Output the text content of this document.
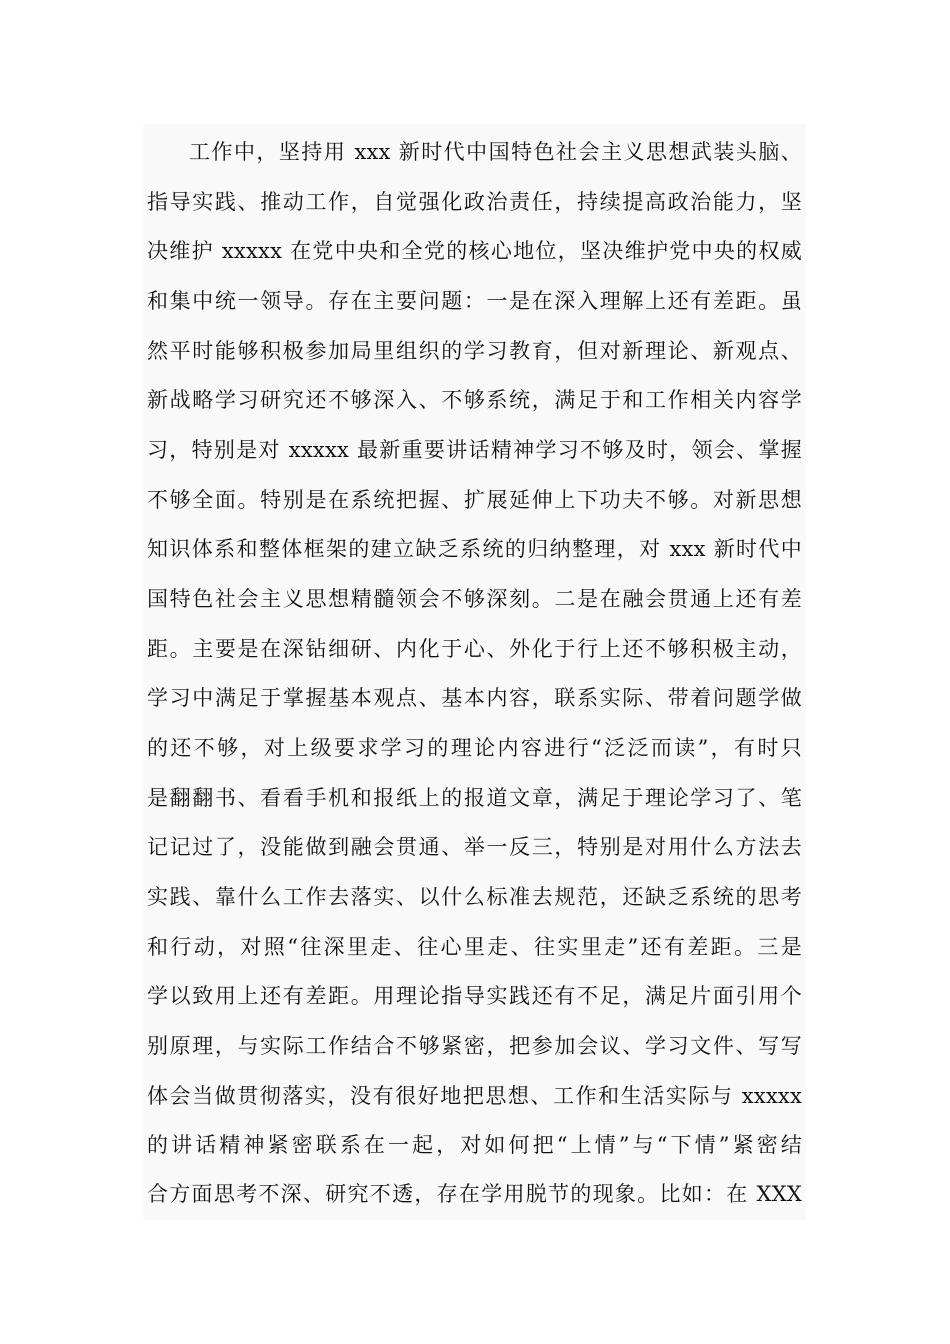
工作中，坚持用 xxx 新时代中国特色社会主义思想武装头脑、
指导实践、推动工作，自觉强化政治责任，持续提高政治能力，坚
决维护 xxxxx 在党中央和全党的核心地位，坚决维护党中央的权威
和集中统一领导。存在主要问题：一是在深入理解上还有差距。虽
然平时能够积极参加局里组织的学习教育，但对新理论、新观点、
新战略学习研究还不够深入、不够系统，满足于和工作相关内容学
习，特别是对 xxxxx 最新重要讲话精神学习不够及时，领会、掌握
不够全面。特别是在系统把握、扩展延伸上下功夫不够。对新思想
知识体系和整体框架的建立缺乏系统的归纳整理，对 xxx 新时代中
国特色社会主义思想精髓领会不够深刻。二是在融会贯通上还有差
距。主要是在深钻细研、内化于心、外化于行上还不够积极主动，
学习中满足于掌握基本观点、基本内容，联系实际、带着问题学做
的还不够，对上级要求学习的理论内容进行“泛泛而读”，有时只
是翻翻书、看看手机和报纸上的报道文章，满足于理论学习了、笔
记记过了，没能做到融会贯通、举一反三，特别是对用什么方法去
实践、靠什么工作去落实、以什么标准去规范，还缺乏系统的思考
和行动，对照“往深里走、往心里走、往实里走”还有差距。三是
学以致用上还有差距。用理论指导实践还有不足，满足片面引用个
别原理，与实际工作结合不够紧密，把参加会议、学习文件、写写
体会当做贯彻落实，没有很好地把思想、工作和生活实际与 xxxxx
的讲话精神紧密联系在一起，对如何把“上情”与“下情”紧密结
合方面思考不深、研究不透，存在学用脱节的现象。比如：在 XXX
